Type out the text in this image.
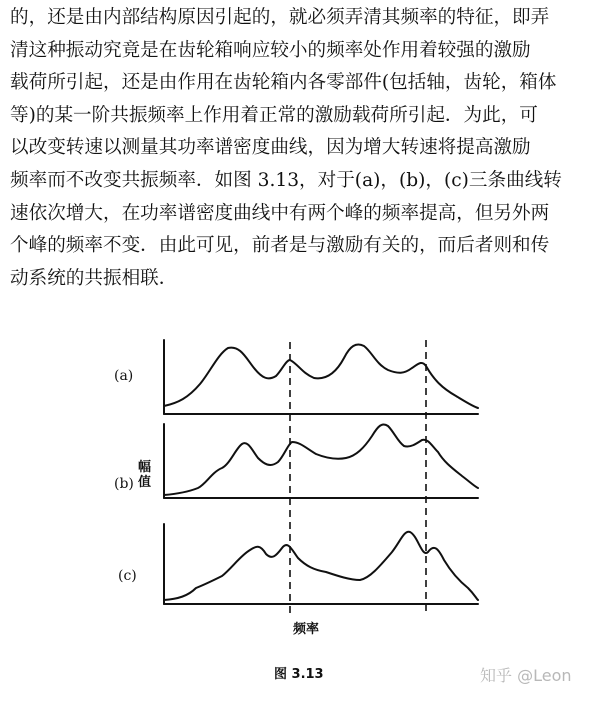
的，还是由内部结构原因引起的，就必须弄清其频率的特征，即弄
清这种振动究竟是在齿轮箱响应较小的频率处作用着较强的激励
载荷所引起，还是由作用在齿轮箱内各零部件(包括轴，齿轮，箱体
等)的某一阶共振频率上作用着正常的激励载荷所引起．为此，可
以改变转速以测量其功率谱密度曲线，因为增大转速将提高激励
频率而不改变共振频率．如图 3.13，对于(a)，(b)，(c)三条曲线转
速依次增大，在功率谱密度曲线中有两个峰的频率提高，但另外两
个峰的频率不变．由此可见，前者是与激励有关的，而后者则和传
动系统的共振相联．
(a)
(b)
(c)
幅值
频率
图 3.13	知乎 @Leon
